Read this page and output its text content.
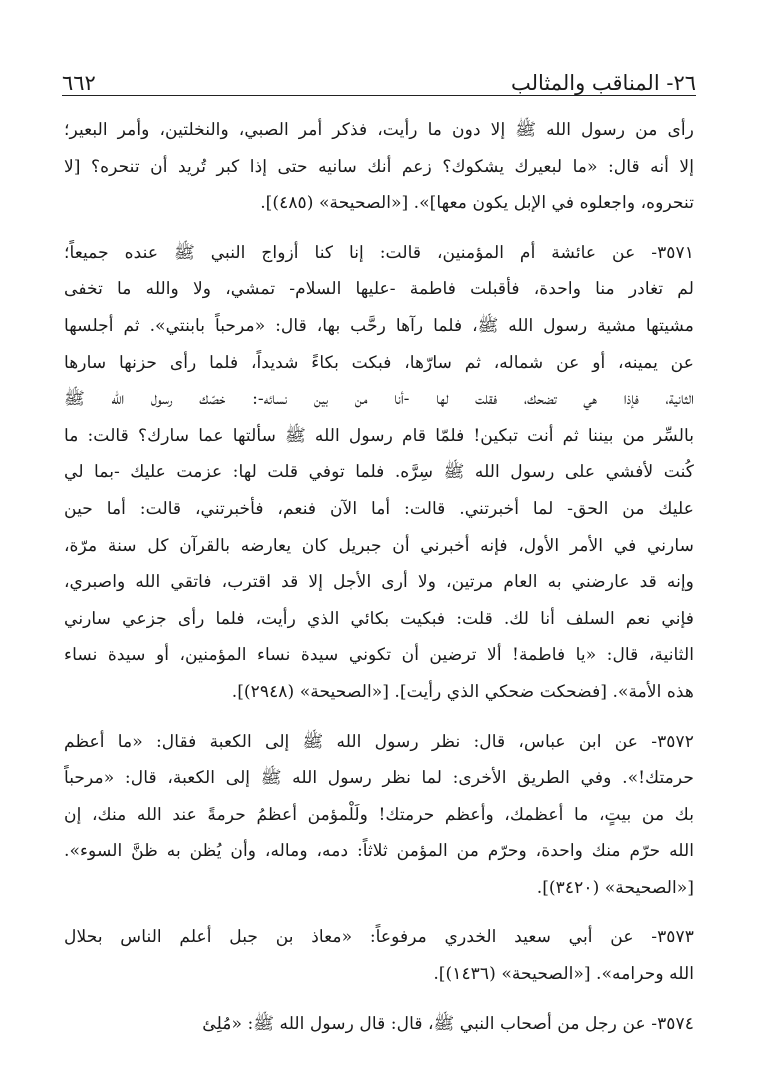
٢٦- المناقب والمثالب
٦٦٢
رأى من رسول الله ﷺ إلا دون ما رأيت، فذكر أمر الصبي، والنخلتين، وأمر البعير؛
إلا أنه قال: «ما لبعيرك يشكوك؟ زعم أنك سانيه حتى إذا كبر تُريد أن تنحره؟ [لا
تنحروه، واجعلوه في الإبل يكون معها]». [«الصحيحة» (٤٨٥)].
٣٥٧١- عن عائشة أم المؤمنين، قالت: إنا كنا أزواج النبي ﷺ عنده جميعاً؛
لم تغادر منا واحدة، فأقبلت فاطمة -عليها السلام- تمشي، ولا والله ما تخفى
مشيتها مشية رسول الله ﷺ، فلما رآها رحَّب بها، قال: «مرحباً بابنتي». ثم أجلسها
عن يمينه، أو عن شماله، ثم سارّها، فبكت بكاءً شديداً، فلما رأى حزنها سارها
الثانية، فإذا هي تضحك، فقلت لها -أنا من بين نسائه-: خصّك رسول الله ﷺ
بالسِّر من بيننا ثم أنت تبكين! فلمّا قام رسول الله ﷺ سألتها عما سارك؟ قالت: ما
كُنت لأفشي على رسول الله ﷺ سِرَّه. فلما توفي قلت لها: عزمت عليك -بما لي
عليك من الحق- لما أخبرتني. قالت: أما الآن فنعم، فأخبرتني، قالت: أما حين
سارني في الأمر الأول، فإنه أخبرني أن جبريل كان يعارضه بالقرآن كل سنة مرّة،
وإنه قد عارضني به العام مرتين، ولا أرى الأجل إلا قد اقترب، فاتقي الله واصبري،
فإني نعم السلف أنا لك. قلت: فبكيت بكائي الذي رأيت، فلما رأى جزعي سارني
الثانية، قال: «يا فاطمة! ألا ترضين أن تكوني سيدة نساء المؤمنين، أو سيدة نساء
هذه الأمة». [فضحكت ضحكي الذي رأيت]. [«الصحيحة» (٢٩٤٨)].
٣٥٧٢- عن ابن عباس، قال: نظر رسول الله ﷺ إلى الكعبة فقال: «ما أعظم
حرمتك!». وفي الطريق الأخرى: لما نظر رسول الله ﷺ إلى الكعبة، قال: «مرحباً
بك من بيتٍ، ما أعظمك، وأعظم حرمتك! ولَلْمؤمن أعظمُ حرمةً عند الله منك، إن
الله حرّم منك واحدة، وحرّم من المؤمن ثلاثاً: دمه، وماله، وأن يُظن به ظنَّ السوء».
[«الصحيحة» (٣٤٢٠)].
٣٥٧٣- عن أبي سعيد الخدري مرفوعاً: «معاذ بن جبل أعلم الناس بحلال
الله وحرامه». [«الصحيحة» (١٤٣٦)].
٣٥٧٤- عن رجل من أصحاب النبي ﷺ، قال: قال رسول الله ﷺ: «مُلِئ
